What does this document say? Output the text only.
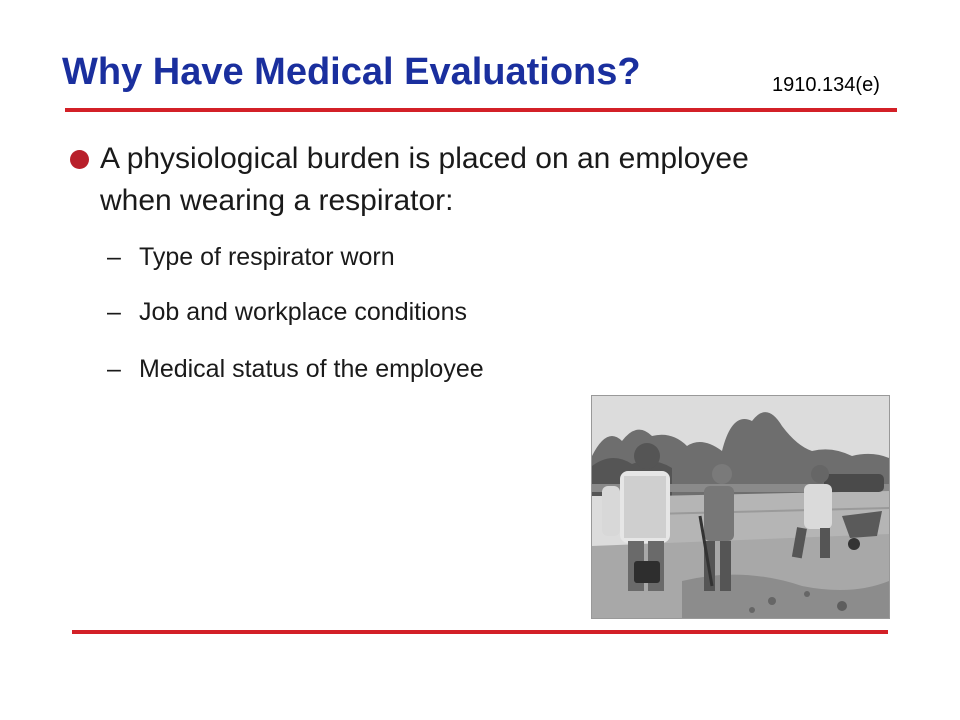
Why Have Medical Evaluations?	1910.134(e)
A physiological burden is placed on an employee when wearing a respirator:
– Type of respirator worn
– Job and workplace conditions
– Medical status of the employee
